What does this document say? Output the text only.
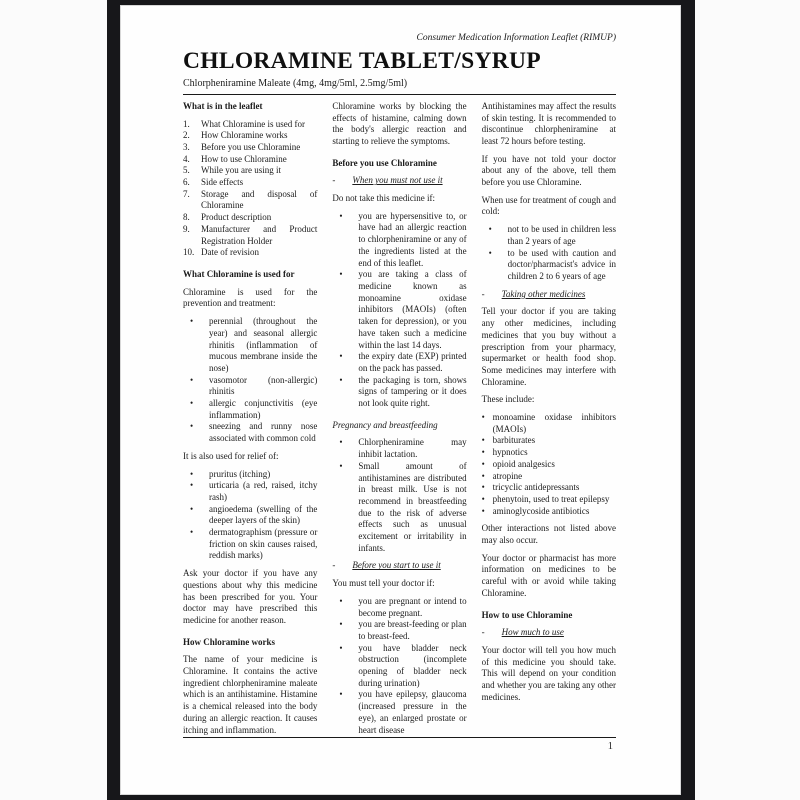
Consumer Medication Information Leaflet (RIMUP)
CHLORAMINE TABLET/SYRUP
Chlorpheniramine Maleate (4mg, 4mg/5ml, 2.5mg/5ml)
What is in the leaflet
1. What Chloramine is used for
2. How Chloramine works
3. Before you use Chloramine
4. How to use Chloramine
5. While you are using it
6. Side effects
7. Storage and disposal of Chloramine
8. Product description
9. Manufacturer and Product Registration Holder
10. Date of revision
What Chloramine is used for
Chloramine is used for the prevention and treatment:
• perennial (throughout the year) and seasonal allergic rhinitis (inflammation of mucous membrane inside the nose)
• vasomotor (non-allergic) rhinitis
• allergic conjunctivitis (eye inflammation)
• sneezing and runny nose associated with common cold
It is also used for relief of:
• pruritus (itching)
• urticaria (a red, raised, itchy rash)
• angioedema (swelling of the deeper layers of the skin)
• dermatographism (pressure or friction on skin causes raised, reddish marks)
Ask your doctor if you have any questions about why this medicine has been prescribed for you. Your doctor may have prescribed this medicine for another reason.
How Chloramine works
The name of your medicine is Chloramine. It contains the active ingredient chlorpheniramine maleate which is an antihistamine. Histamine is a chemical released into the body during an allergic reaction. It causes itching and inflammation.
Chloramine works by blocking the effects of histamine, calming down the body's allergic reaction and starting to relieve the symptoms.
Before you use Chloramine
- When you must not use it
Do not take this medicine if:
• you are hypersensitive to, or have had an allergic reaction to chlorpheniramine or any of the ingredients listed at the end of this leaflet.
• you are taking a class of medicine known as monoamine oxidase inhibitors (MAOIs) (often taken for depression), or you have taken such a medicine within the last 14 days.
• the expiry date (EXP) printed on the pack has passed.
• the packaging is torn, shows signs of tampering or it does not look quite right.
Pregnancy and breastfeeding
• Chlorpheniramine may inhibit lactation.
• Small amount of antihistamines are distributed in breast milk. Use is not recommend in breastfeeding due to the risk of adverse effects such as unusual excitement or irritability in infants.
- Before you start to use it
You must tell your doctor if:
• you are pregnant or intend to become pregnant.
• you are breast-feeding or plan to breast-feed.
• you have bladder neck obstruction (incomplete opening of bladder neck during urination)
• you have epilepsy, glaucoma (increased pressure in the eye), an enlarged prostate or heart disease
Antihistamines may affect the results of skin testing. It is recommended to discontinue chlorpheniramine at least 72 hours before testing.
If you have not told your doctor about any of the above, tell them before you use Chloramine.
When use for treatment of cough and cold:
• not to be used in children less than 2 years of age
• to be used with caution and doctor/pharmacist's advice in children 2 to 6 years of age
- Taking other medicines
Tell your doctor if you are taking any other medicines, including medicines that you buy without a prescription from your pharmacy, supermarket or health food shop. Some medicines may interfere with Chloramine.
These include:
• monoamine oxidase inhibitors (MAOIs)
• barbiturates
• hypnotics
• opioid analgesics
• atropine
• tricyclic antidepressants
• phenytoin, used to treat epilepsy
• aminoglycoside antibiotics
Other interactions not listed above may also occur.
Your doctor or pharmacist has more information on medicines to be careful with or avoid while taking Chloramine.
How to use Chloramine
- How much to use
Your doctor will tell you how much of this medicine you should take. This will depend on your condition and whether you are taking any other medicines.
1
